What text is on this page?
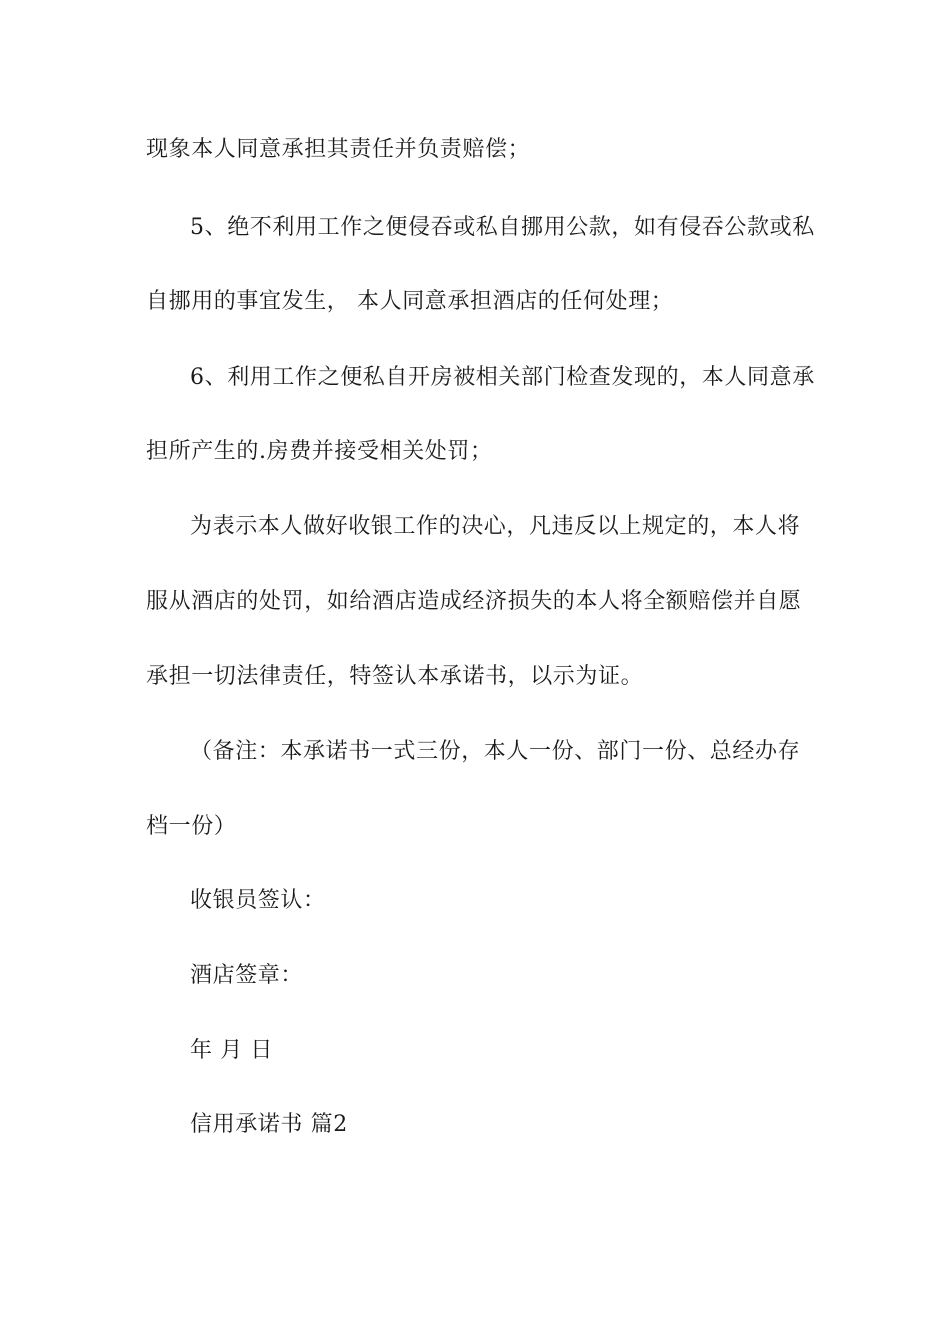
现象本人同意承担其责任并负责赔偿；
5、绝不利用工作之便侵吞或私自挪用公款，如有侵吞公款或私
自挪用的事宜发生， 本人同意承担酒店的任何处理；
6、利用工作之便私自开房被相关部门检查发现的，本人同意承
担所产生的.房费并接受相关处罚；
为表示本人做好收银工作的决心，凡违反以上规定的，本人将
服从酒店的处罚，如给酒店造成经济损失的本人将全额赔偿并自愿
承担一切法律责任，特签认本承诺书，以示为证。
（备注：本承诺书一式三份，本人一份、部门一份、总经办存
档一份）
收银员签认：
酒店签章：
年 月 日
信用承诺书 篇2
